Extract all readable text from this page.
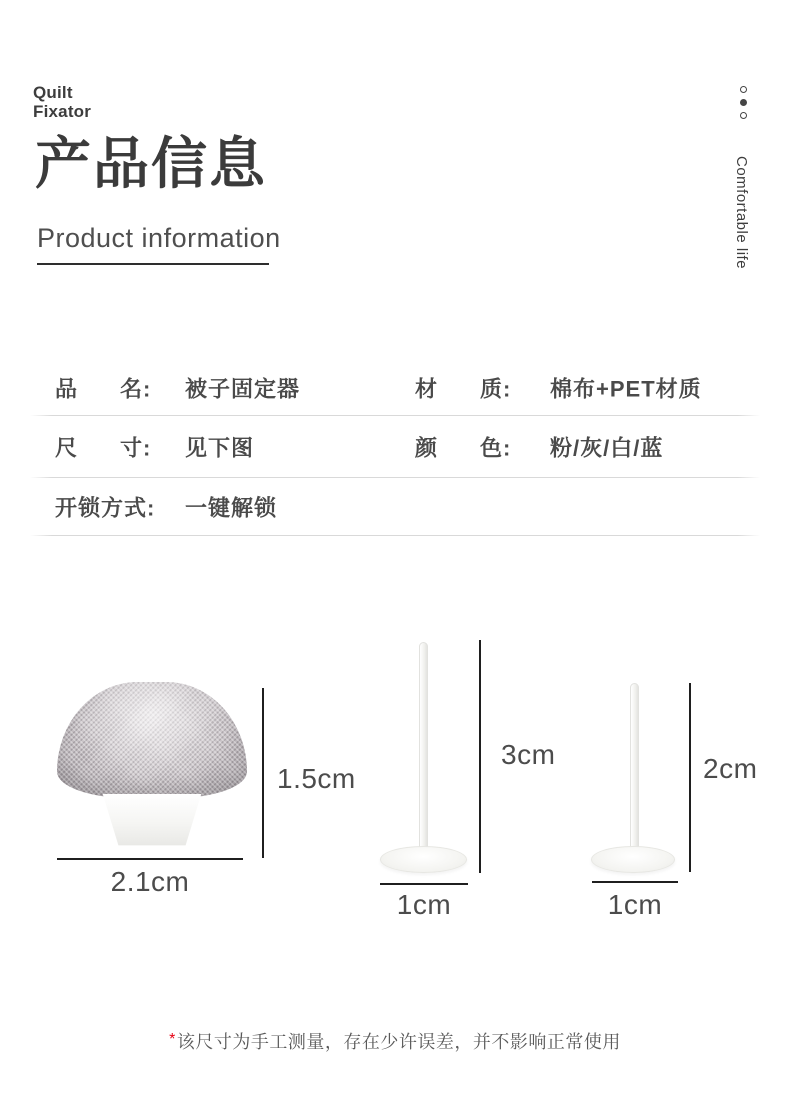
Quilt
Fixator
产品信息
Product information	Comfortable life
品 名: 被子固定器	材 质: 棉布+PET材质
尺 寸: 见下图	颜 色: 粉/灰/白/蓝
开锁方式: 一键解锁
1.5cm
2.1cm
3cm
1cm
2cm
1cm
*该尺寸为手工测量，存在少许误差，并不影响正常使用
